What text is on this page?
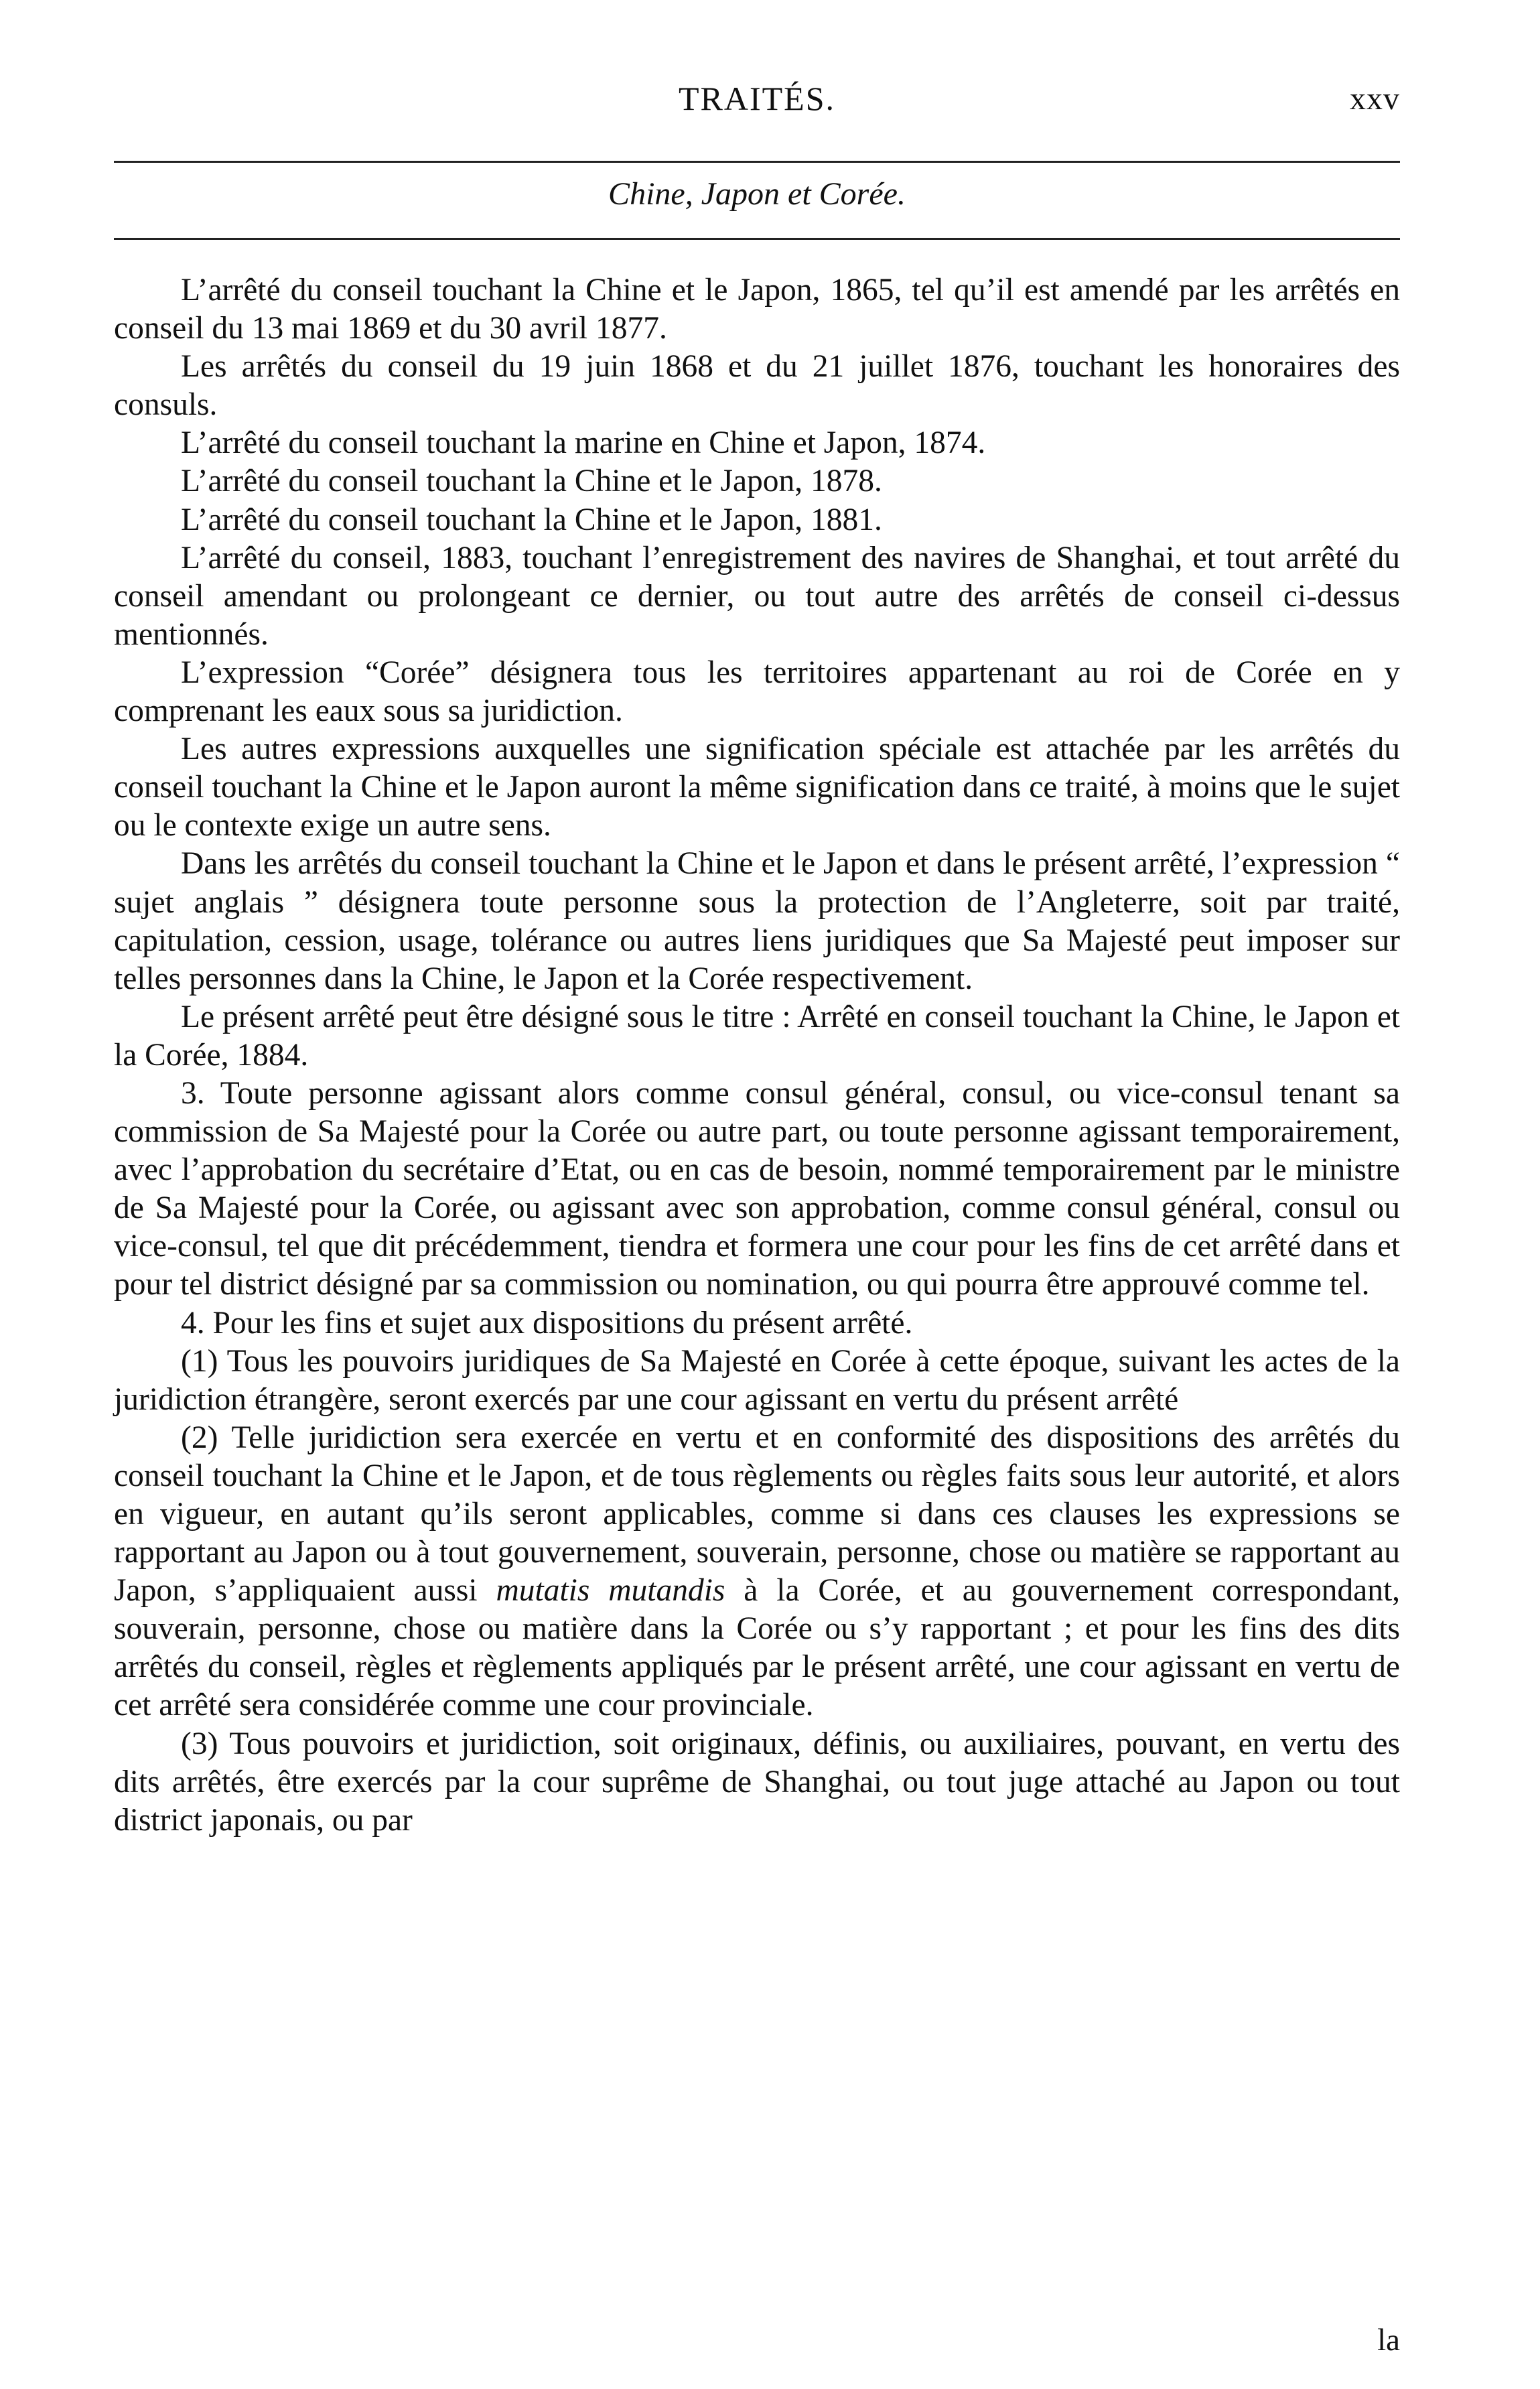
TRAITÉS.	xxv
Chine, Japon et Corée.

L’arrêté du conseil touchant la Chine et le Japon, 1865, tel qu’il est amendé par les arrêtés en conseil du 13 mai 1869 et du 30 avril 1877.

Les arrêtés du conseil du 19 juin 1868 et du 21 juillet 1876, touchant les honoraires des consuls.

L’arrêté du conseil touchant la marine en Chine et Japon, 1874.

L’arrêté du conseil touchant la Chine et le Japon, 1878.

L’arrêté du conseil touchant la Chine et le Japon, 1881.

L’arrêté du conseil, 1883, touchant l’enregistrement des navires de Shanghai, et tout arrêté du conseil amendant ou prolongeant ce dernier, ou tout autre des arrêtés de conseil ci-dessus mentionnés.

L’expression “Corée” désignera tous les territoires appartenant au roi de Corée en y comprenant les eaux sous sa juridiction.

Les autres expressions auxquelles une signification spéciale est attachée par les arrêtés du conseil touchant la Chine et le Japon auront la même signification dans ce traité, à moins que le sujet ou le contexte exige un autre sens.

Dans les arrêtés du conseil touchant la Chine et le Japon et dans le présent arrêté, l’expression “ sujet anglais ” désignera toute personne sous la protection de l’Angleterre, soit par traité, capitulation, cession, usage, tolérance ou autres liens juridiques que Sa Majesté peut imposer sur telles personnes dans la Chine, le Japon et la Corée respectivement.

Le présent arrêté peut être désigné sous le titre : Arrêté en conseil touchant la Chine, le Japon et la Corée, 1884.

3. Toute personne agissant alors comme consul général, consul, ou vice-consul tenant sa commission de Sa Majesté pour la Corée ou autre part, ou toute personne agissant temporairement, avec l’approbation du secrétaire d’Etat, ou en cas de besoin, nommé temporairement par le ministre de Sa Majesté pour la Corée, ou agissant avec son approbation, comme consul général, consul ou vice-consul, tel que dit précédemment, tiendra et formera une cour pour les fins de cet arrêté dans et pour tel district désigné par sa commission ou nomination, ou qui pourra être approuvé comme tel.

4. Pour les fins et sujet aux dispositions du présent arrêté.

(1) Tous les pouvoirs juridiques de Sa Majesté en Corée à cette époque, suivant les actes de la juridiction étrangère, seront exercés par une cour agissant en vertu du présent arrêté

(2) Telle juridiction sera exercée en vertu et en conformité des dispositions des arrêtés du conseil touchant la Chine et le Japon, et de tous règlements ou règles faits sous leur autorité, et alors en vigueur, en autant qu’ils seront applicables, comme si dans ces clauses les expressions se rapportant au Japon ou à tout gouvernement, souverain, personne, chose ou matière se rapportant au Japon, s’appliquaient aussi mutatis mutandis à la Corée, et au gouvernement correspondant, souverain, personne, chose ou matière dans la Corée ou s’y rapportant ; et pour les fins des dits arrêtés du conseil, règles et règlements appliqués par le présent arrêté, une cour agissant en vertu de cet arrêté sera considérée comme une cour provinciale.

(3) Tous pouvoirs et juridiction, soit originaux, définis, ou auxiliaires, pouvant, en vertu des dits arrêtés, être exercés par la cour suprême de Shanghai, ou tout juge attaché au Japon ou tout district japonais, ou par

la
